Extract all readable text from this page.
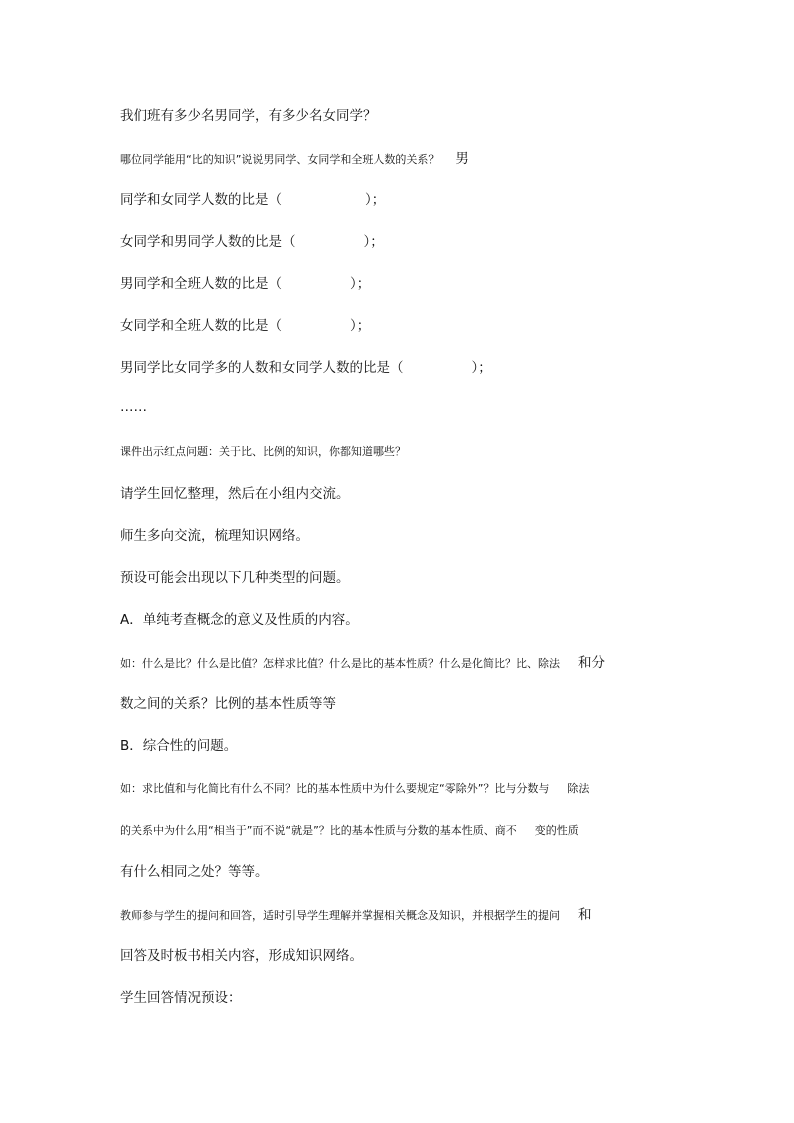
我们班有多少名男同学，有多少名女同学？
哪位同学能用“比的知识”说说男同学、女同学和全班人数的关系？ 男
同学和女同学人数的比是（	）；
女同学和男同学人数的比是（	）；
男同学和全班人数的比是（	）；
女同学和全班人数的比是（	）；
男同学比女同学多的人数和女同学人数的比是（	）；
……
课件出示红点问题：关于比、比例的知识，你都知道哪些？
请学生回忆整理，然后在小组内交流。
师生多向交流，梳理知识网络。
预设可能会出现以下几种类型的问题。
A．单纯考查概念的意义及性质的内容。
如：什么是比？什么是比值？怎样求比值？什么是比的基本性质？什么是化简比？比、除法 和分
数之间的关系？比例的基本性质等等
B．综合性的问题。
如：求比值和与化简比有什么不同？比的基本性质中为什么要规定“零除外”？比与分数与 除法
的关系中为什么用“相当于”而不说“就是”？比的基本性质与分数的基本性质、商不 变的性质
有什么相同之处？等等。
教师参与学生的提问和回答，适时引导学生理解并掌握相关概念及知识，并根据学生的提问 和
回答及时板书相关内容，形成知识网络。
学生回答情况预设：
